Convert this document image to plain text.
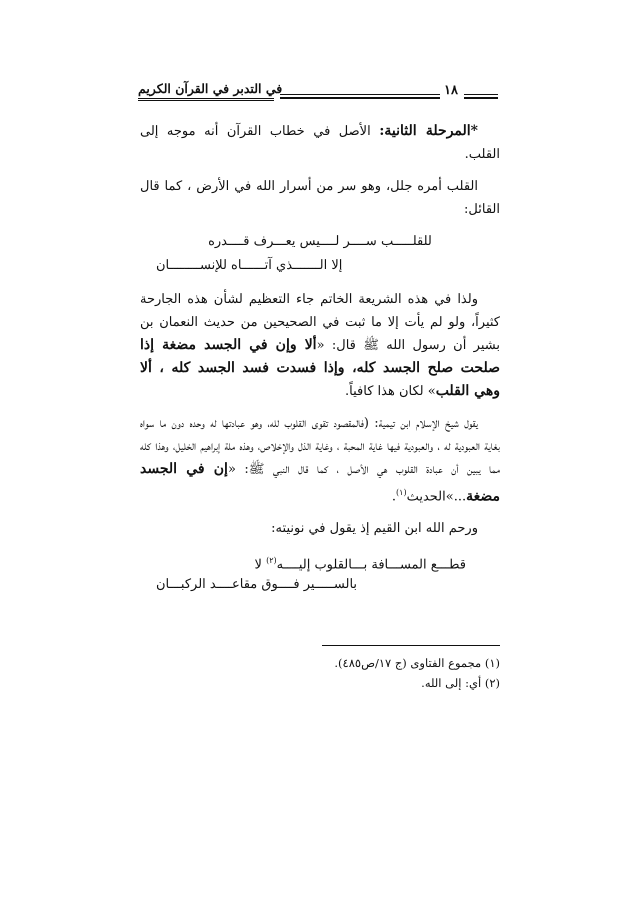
في التدبر في القرآن الكريم	١٨

*المرحلة الثانية: الأصل في خطاب القرآن أنه موجه إلى القلب.

القلب أمره جلل، وهو سر من أسرار الله في الأرض ، كما قال القائل:

للقلـــــب ســــر لــــيس يعـــرف قــــدره
إلا الـــــــذي آتــــــاه للإنســــــــان

ولذا في هذه الشريعة الخاتم جاء التعظيم لشأن هذه الجارحة كثيراً، ولو لم يأت إلا ما ثبت في الصحيحين من حديث النعمان بن بشير أن رسول الله ﷺ قال: «ألا وإن في الجسد مضغة إذا صلحت صلح الجسد كله، وإذا فسدت فسد الجسد كله ، ألا وهي القلب» لكان هذا كافياً.

يقول شيخ الإسلام ابن تيمية: (فالمقصود تقوى القلوب لله، وهو عبادتها له وحده دون ما سواه بغاية العبودية له ، والعبودية فيها غاية المحبة ، وغاية الذل والإخلاص، وهذه ملة إبراهيم الخليل، وهذا كله مما يبين أن عبادة القلوب هي الأصل ، كما قال النبي ﷺ: «إن في الجسد مضغة...»الحديث$^{(١)}$.

ورحم الله ابن القيم إذ يقول في نونيته:

قطـــع المســـافة بـــالقلوب إليــــه$^{(٢)}$ لا
بالســـــير فــــوق مقاعــــد الركبـــان
(١) مجموع الفتاوى (ج ١٧/ص٤٨٥).
(٢) أي: إلى الله.
